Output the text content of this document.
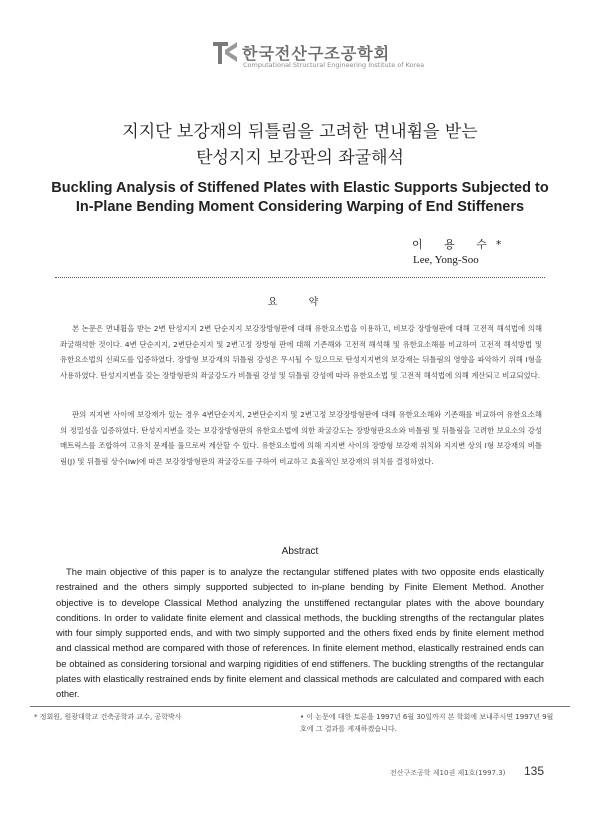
한국전산구조공학회
Computational Structural Engineering Institute of Korea
지지단 보강재의 뒤틀림을 고려한 면내휨을 받는
탄성지지 보강판의 좌굴해석
Buckling Analysis of Stiffened Plates with Elastic Supports Subjected to
In-Plane Bending Moment Considering Warping of End Stiffeners
이 용 수*
Lee, Yong-Soo
요 약
본 논문은 면내휨을 받는 2변 탄성지지 2변 단순지지 보강장방형판에 대해 유한요소법을 이용하고, 비보강 장방형판에 대해 고전적 해석법에 의해 좌굴해석한 것이다. 4변 단순지지, 2변단순지지 및 2변고정 장방형 판에 대해 기존해와 고전적 해석해 및 유한요소해를 비교하여 고전적 해석방법 및 유한요소법의 신뢰도를 입증하였다. 장방형 보강재의 뒤틀림 강성은 무시될 수 있으므로 탄성지지변의 보강재는 뒤틀림의 영향을 파악하기 위해 I형을 사용하였다. 탄성지지변을 갖는 장방형판의 좌굴강도가 비틀림 강성 및 뒤틀림 강성에 따라 유한요소법 및 고전적 해석법에 의해 계산되고 비교되었다.
판의 지지변 사이에 보강재가 있는 경우 4변단순지지, 2변단순지지 및 2변고정 보강장방형판에 대해 유한요소해와 기존해를 비교하여 유한요소해의 정밀성을 입증하였다. 탄성지지변을 갖는 보강장방형판의 유한요소법에 의한 좌굴강도는 장방형판요소와 비틀림 및 뒤틀림을 고려한 보요소의 강성매트릭스를 조합하여 고유치 문제를 풀므로써 계산할 수 있다. 유한요소법에 의해 지지변 사이의 장방형 보강재 위치와 지지변 상의 I형 보강재의 비틀림(J) 및 뒤틀림 상수(Iw)에 따른 보강장방형판의 좌굴강도를 구하여 비교하고 효율적인 보강재의 위치를 결정하였다.
Abstract
The main objective of this paper is to analyze the rectangular stiffened plates with two opposite ends elastically restrained and the others simply supported subjected to in-plane bending by Finite Element Method. Another objective is to develope Classical Method analyzing the unstiffened rectangular plates with the above boundary conditions. In order to validate finite element and classical methods, the buckling strengths of the rectangular plates with four simply supported ends, and with two simply supported and the others fixed ends by finite element method and classical method are compared with those of references. In finite element method, elastically restrained ends can be obtained as considering torsional and warping rigidities of end stiffeners. The buckling strengths of the rectangular plates with elastically restrained ends by finite element and classical methods are calculated and compared with each other.
* 정회원, 원광대학교 건축공학과 교수, 공학박사	• 이 논문에 대한 토론을 1997년 6월 30일까지 본 학회에 보내주시면 1997년 9월호에 그 결과를 게재하겠습니다.
전산구조공학 제10권 제1호(1997.3) 135
